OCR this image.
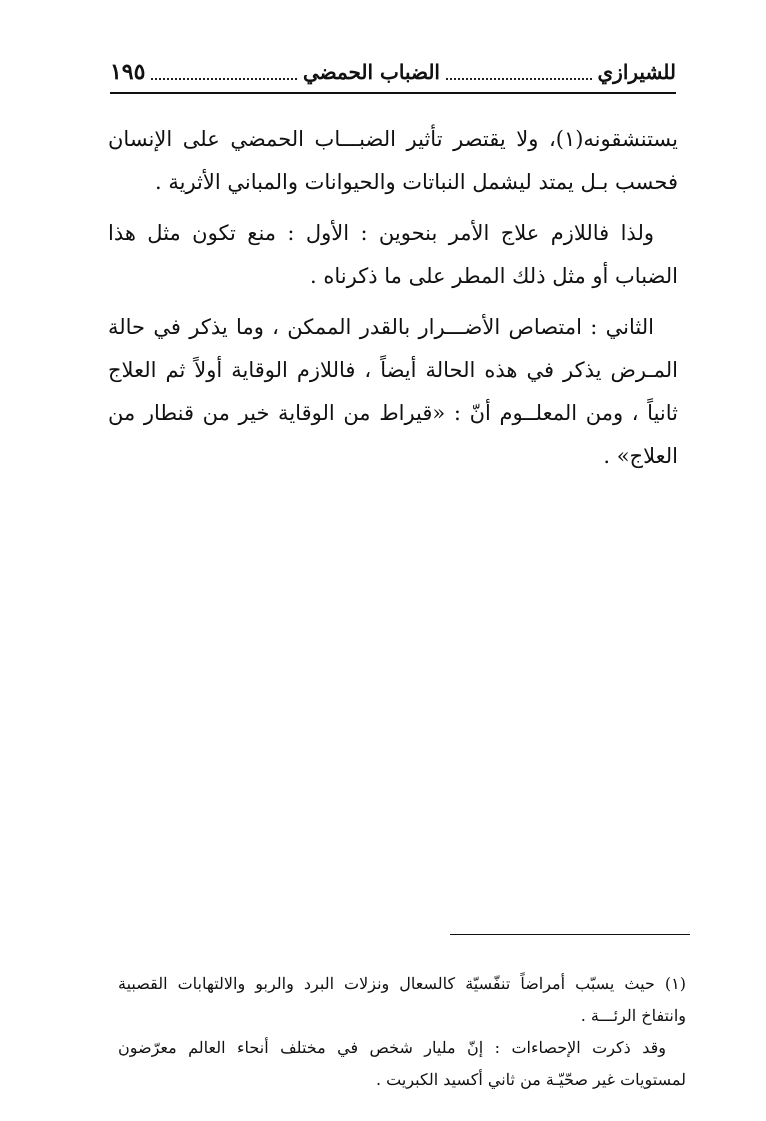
للشيرازي
الضباب الحمضي
١٩٥

يستنشقونه(١)، ولا يقتصر تأثير الضبـــاب الحمضي على الإنسان فحسب بـل يمتد ليشمل النباتات والحيوانات والمباني الأثرية .

ولذا فاللازم علاج الأمر بنحوين : الأول : منع تكون مثل هذا الضباب أو مثل ذلك المطر على ما ذكرناه .

الثاني : امتصاص الأضـــرار بالقدر الممكن ، وما يذكر في حالة المـرض يذكر في هذه الحالة أيضاً ، فاللازم الوقاية أولاً ثم العلاج ثانياً ، ومن المعلــوم أنّ : «قيراط من الوقاية خير من قنطار من العلاج» .

(١) حيث يسبّب أمراضاً تنفّسيّة كالسعال ونزلات البرد والربو والالتهابات القصبية وانتفاخ الرئـــة .

وقد ذكرت الإحصاءات : إنّ مليار شخص في مختلف أنحاء العالم معرّضون لمستويات غير صحّيّـة من ثاني أكسيد الكبريت .
